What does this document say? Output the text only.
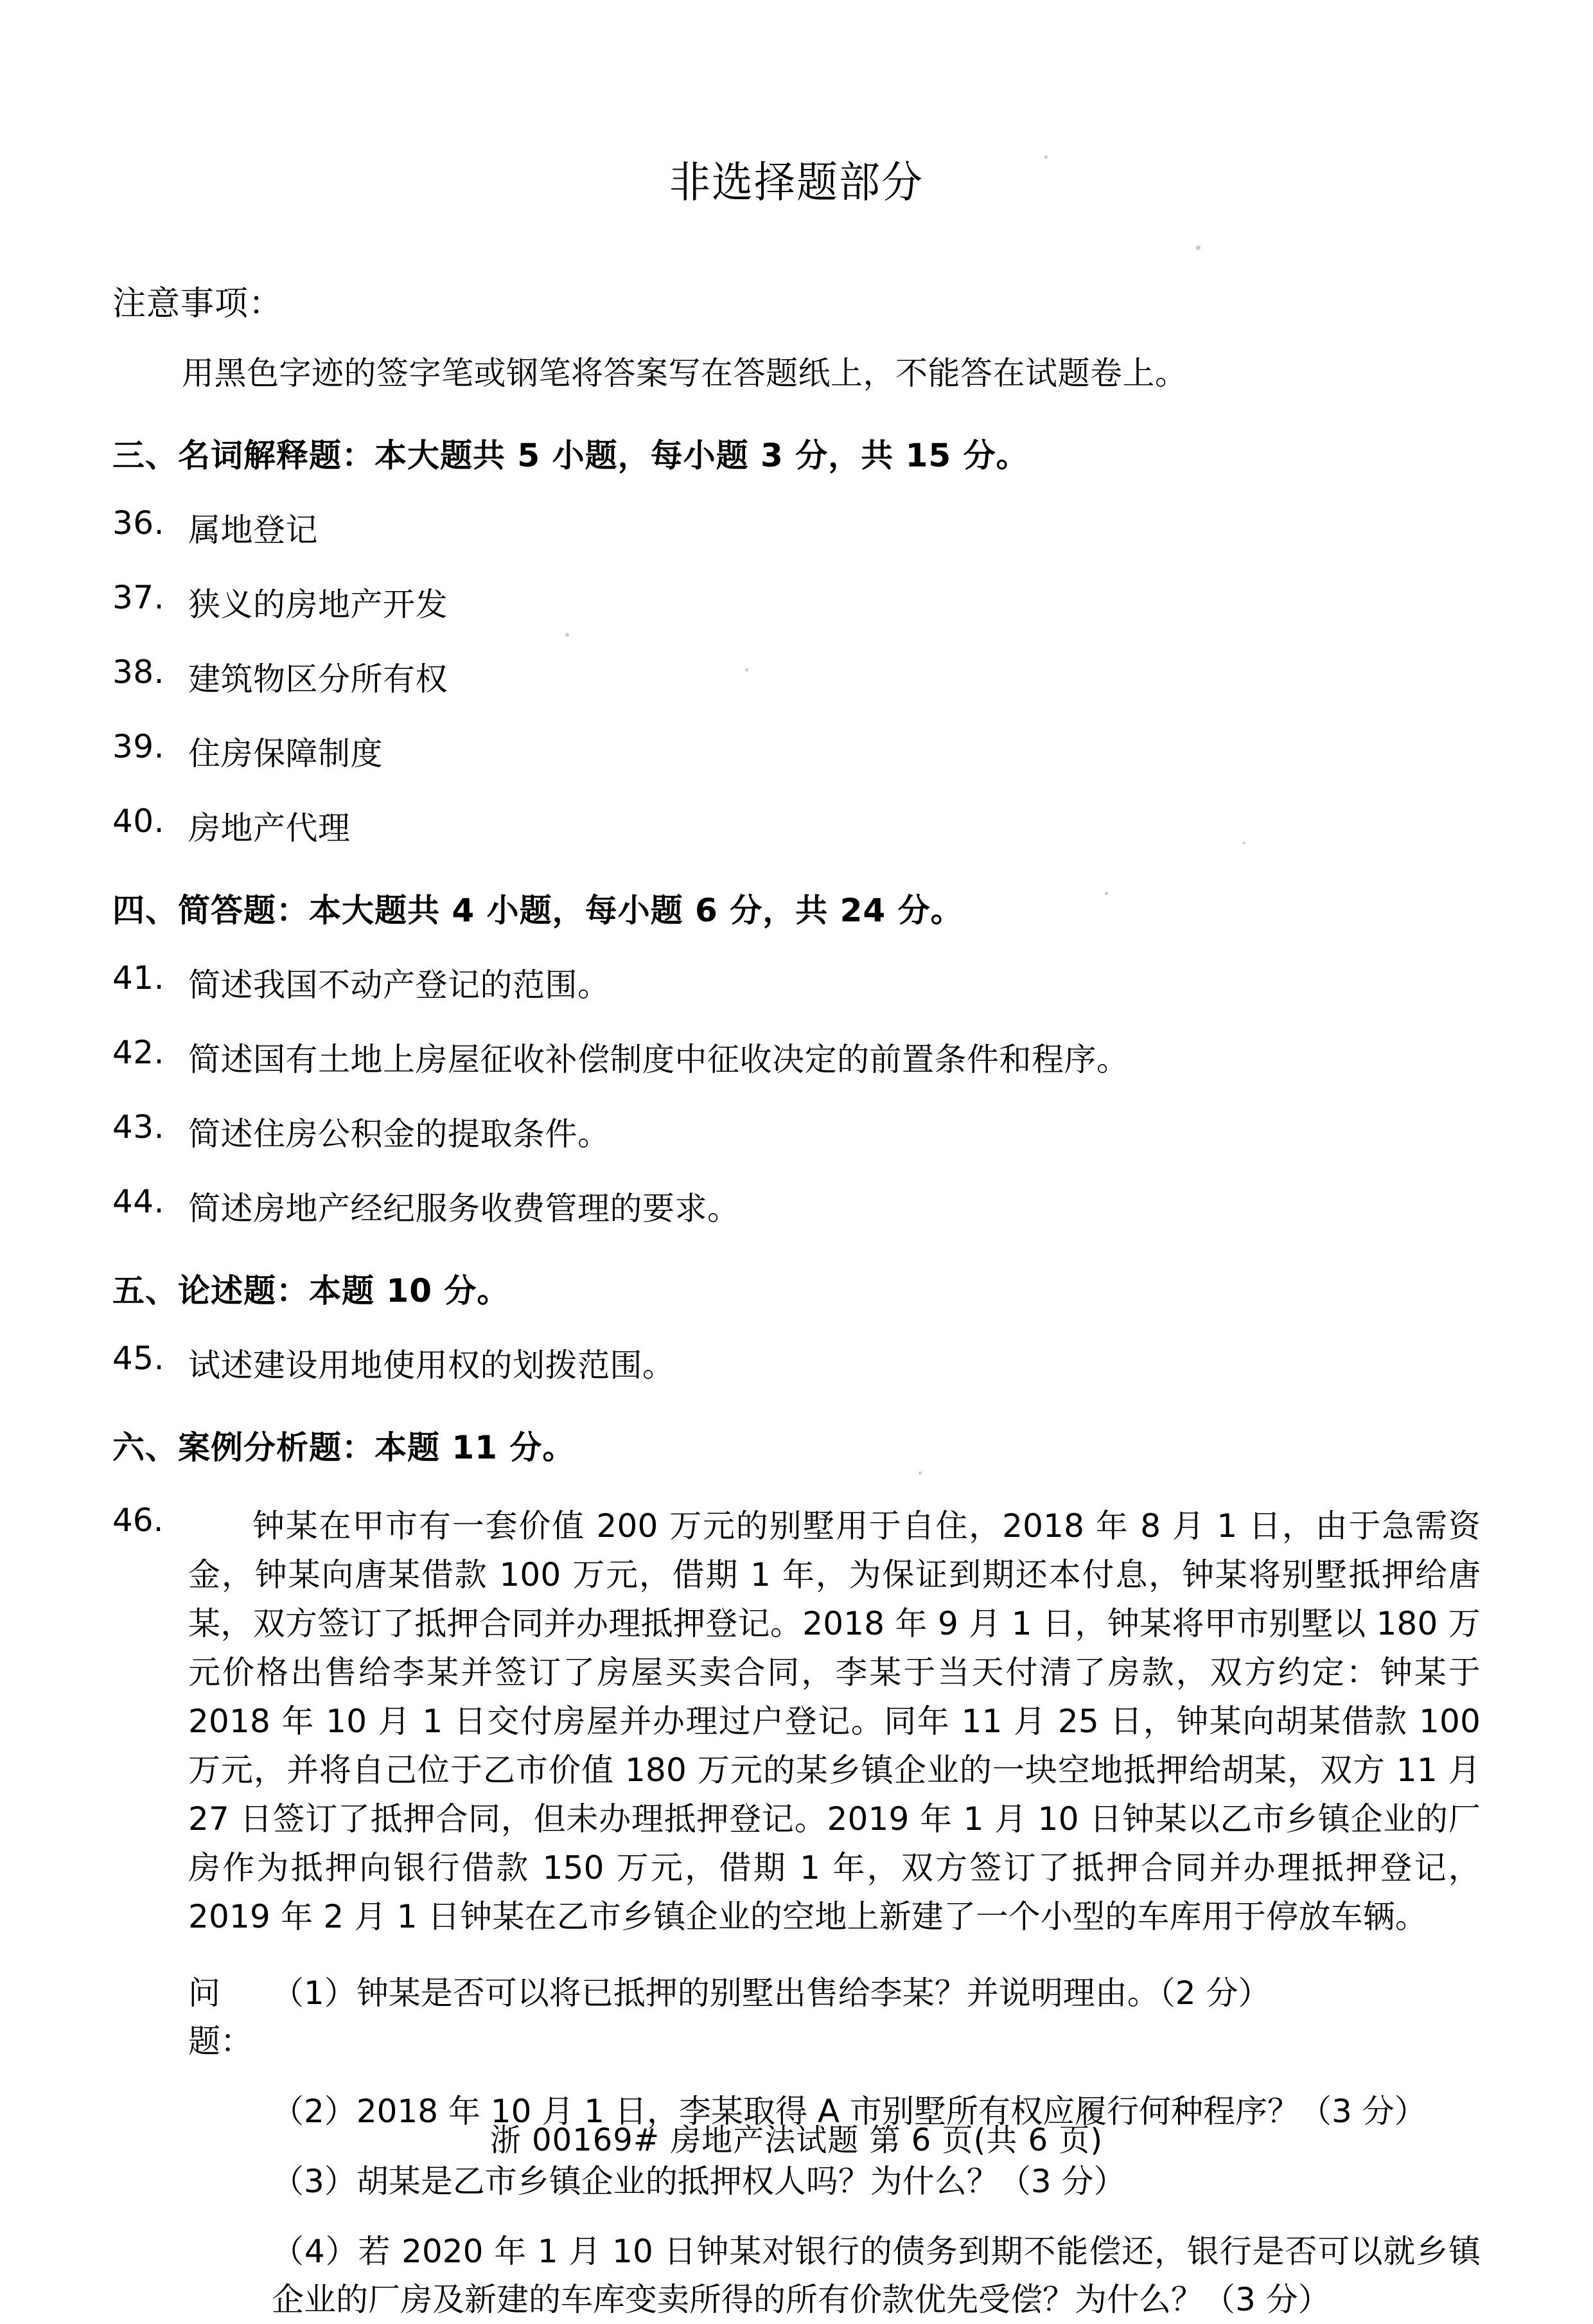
非选择题部分
注意事项：
用黑色字迹的签字笔或钢笔将答案写在答题纸上，不能答在试题卷上。
三、名词解释题：本大题共 5 小题，每小题 3 分，共 15 分。
36. 属地登记
37. 狭义的房地产开发
38. 建筑物区分所有权
39. 住房保障制度
40. 房地产代理
四、简答题：本大题共 4 小题，每小题 6 分，共 24 分。
41. 简述我国不动产登记的范围。
42. 简述国有土地上房屋征收补偿制度中征收决定的前置条件和程序。
43. 简述住房公积金的提取条件。
44. 简述房地产经纪服务收费管理的要求。
五、论述题：本题 10 分。
45. 试述建设用地使用权的划拨范围。
六、案例分析题：本题 11 分。
46.	钟某在甲市有一套价值 200 万元的别墅用于自住，2018 年 8 月 1 日，由于急需资金，钟某向唐某借款 100 万元，借期 1 年，为保证到期还本付息，钟某将别墅抵押给唐某，双方签订了抵押合同并办理抵押登记。2018 年 9 月 1 日，钟某将甲市别墅以 180 万元价格出售给李某并签订了房屋买卖合同，李某于当天付清了房款，双方约定：钟某于 2018 年 10 月 1 日交付房屋并办理过户登记。同年 11 月 25 日，钟某向胡某借款 100 万元，并将自己位于乙市价值 180 万元的某乡镇企业的一块空地抵押给胡某，双方 11 月 27 日签订了抵押合同，但未办理抵押登记。2019 年 1 月 10 日钟某以乙市乡镇企业的厂房作为抵押向银行借款 150 万元，借期 1 年，双方签订了抵押合同并办理抵押登记，2019 年 2 月 1 日钟某在乙市乡镇企业的空地上新建了一个小型的车库用于停放车辆。

问题：
（1）钟某是否可以将已抵押的别墅出售给李某？并说明理由。（2 分）
（2）2018 年 10 月 1 日，李某取得 A 市别墅所有权应履行何种程序？（3 分）
（3）胡某是乙市乡镇企业的抵押权人吗？为什么？（3 分）
（4）若 2020 年 1 月 10 日钟某对银行的债务到期不能偿还，银行是否可以就乡镇企业的厂房及新建的车库变卖所得的所有价款优先受偿？为什么？（3 分）
浙 00169# 房地产法试题 第 6 页(共 6 页)
